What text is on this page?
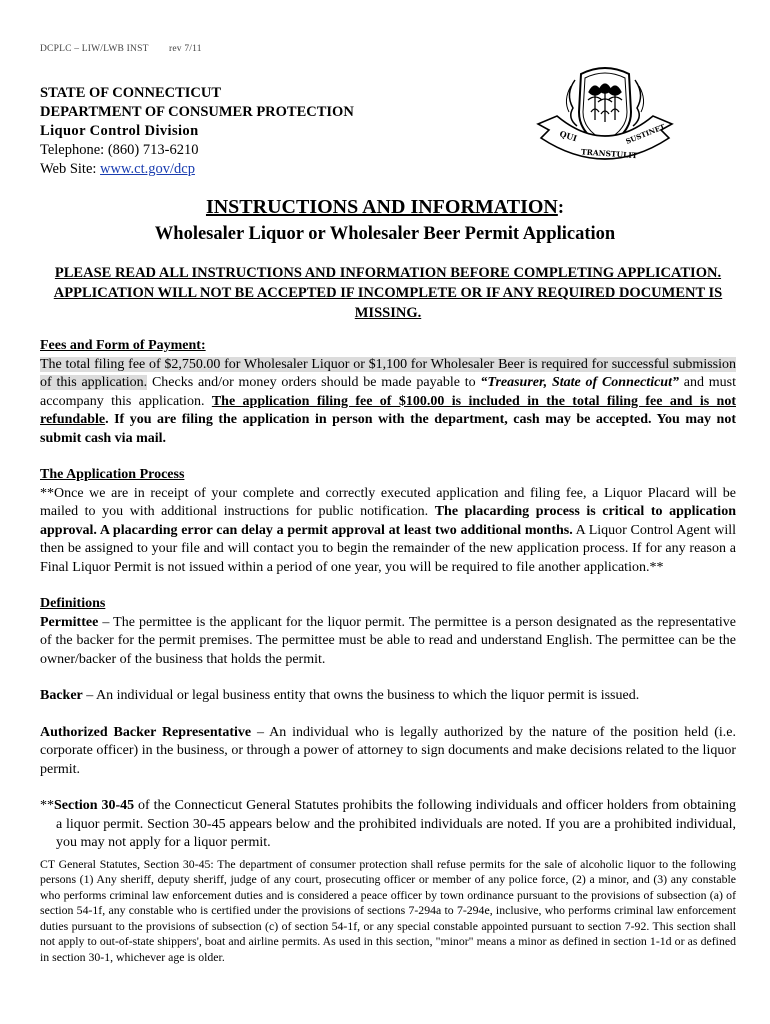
DCPLC – LIW/LWB INST rev 7/11
STATE OF CONNECTICUT
DEPARTMENT OF CONSUMER PROTECTION
Liquor Control Division
Telephone: (860) 713-6210
Web Site: www.ct.gov/dcp
QUI
TRANSTULIT
SUSTINET
INSTRUCTIONS AND INFORMATION:
Wholesaler Liquor or Wholesaler Beer Permit Application
PLEASE READ ALL INSTRUCTIONS AND INFORMATION BEFORE COMPLETING APPLICATION. APPLICATION WILL NOT BE ACCEPTED IF INCOMPLETE OR IF ANY REQUIRED DOCUMENT IS MISSING.

Fees and Form of Payment:
The total filing fee of $2,750.00 for Wholesaler Liquor or $1,100 for Wholesaler Beer is required for successful submission of this application. Checks and/or money orders should be made payable to “Treasurer, State of Connecticut” and must accompany this application. The application filing fee of $100.00 is included in the total filing fee and is not refundable. If you are filing the application in person with the department, cash may be accepted. You may not submit cash via mail.

The Application Process
**Once we are in receipt of your complete and correctly executed application and filing fee, a Liquor Placard will be mailed to you with additional instructions for public notification. The placarding process is critical to application approval. A placarding error can delay a permit approval at least two additional months. A Liquor Control Agent will then be assigned to your file and will contact you to begin the remainder of the new application process. If for any reason a Final Liquor Permit is not issued within a period of one year, you will be required to file another application.**

Definitions
Permittee – The permittee is the applicant for the liquor permit. The permittee is a person designated as the representative of the backer for the permit premises. The permittee must be able to read and understand English. The permittee can be the owner/backer of the business that holds the permit.

Backer – An individual or legal business entity that owns the business to which the liquor permit is issued.

Authorized Backer Representative – An individual who is legally authorized by the nature of the position held (i.e. corporate officer) in the business, or through a power of attorney to sign documents and make decisions related to the liquor permit.

**Section 30-45 of the Connecticut General Statutes prohibits the following individuals and officer holders from obtaining a liquor permit. Section 30-45 appears below and the prohibited individuals are noted. If you are a prohibited individual, you may not apply for a liquor permit.

CT General Statutes, Section 30-45: The department of consumer protection shall refuse permits for the sale of alcoholic liquor to the following persons (1) Any sheriff, deputy sheriff, judge of any court, prosecuting officer or member of any police force, (2) a minor, and (3) any constable who performs criminal law enforcement duties and is considered a peace officer by town ordinance pursuant to the provisions of subsection (a) of section 54-1f, any constable who is certified under the provisions of sections 7-294a to 7-294e, inclusive, who performs criminal law enforcement duties pursuant to the provisions of subsection (c) of section 54-1f, or any special constable appointed pursuant to section 7-92. This section shall not apply to out-of-state shippers', boat and airline permits. As used in this section, "minor" means a minor as defined in section 1-1d or as defined in section 30-1, whichever age is older.
